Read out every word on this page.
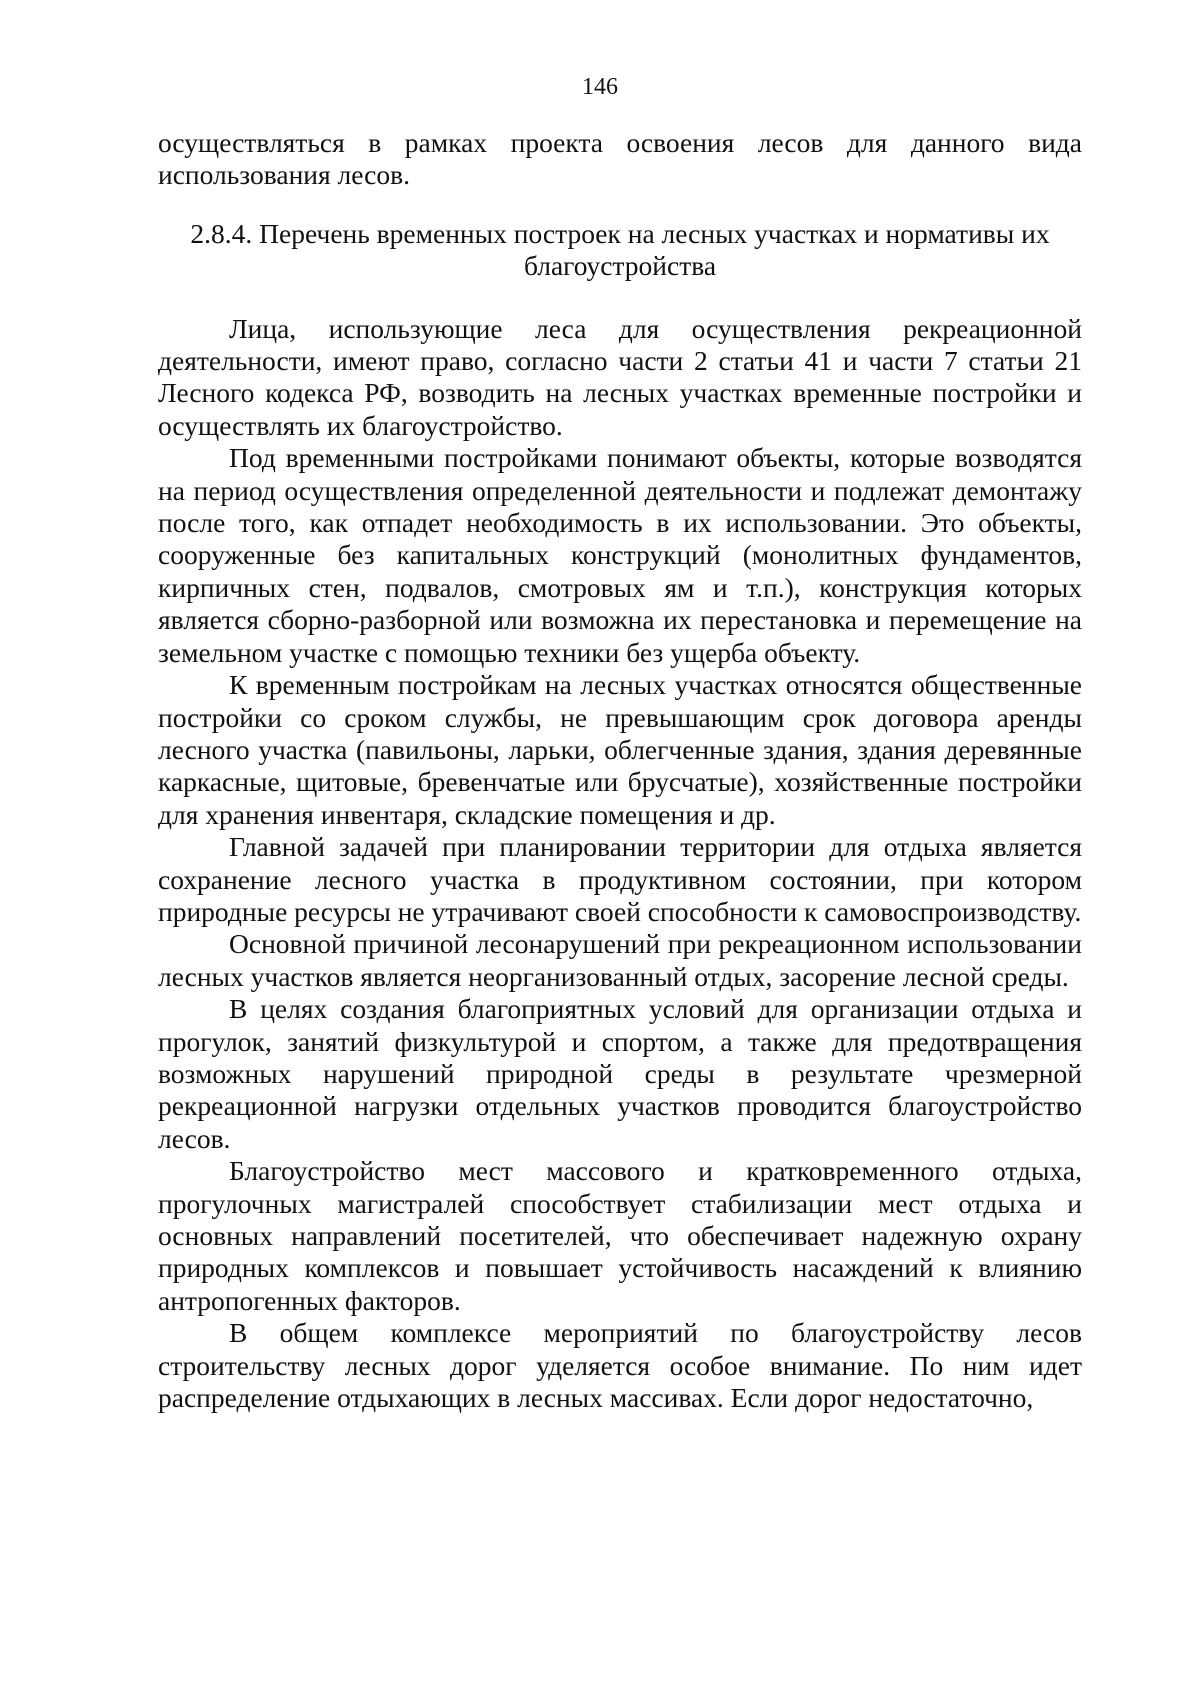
146

осуществляться в рамках проекта освоения лесов для данного вида использования лесов.

2.8.4. Перечень временных построек на лесных участках и нормативы их благоустройства

Лица, использующие леса для осуществления рекреационной деятельности, имеют право, согласно части 2 статьи 41 и части 7 статьи 21 Лесного кодекса РФ, возводить на лесных участках временные постройки и осуществлять их благоустройство.

Под временными постройками понимают объекты, которые возводятся на период осуществления определенной деятельности и подлежат демонтажу после того, как отпадет необходимость в их использовании. Это объекты, сооруженные без капитальных конструкций (монолитных фундаментов, кирпичных стен, подвалов, смотровых ям и т.п.), конструкция которых является сборно-разборной или возможна их перестановка и перемещение на земельном участке с помощью техники без ущерба объекту.

К временным постройкам на лесных участках относятся общественные постройки со сроком службы, не превышающим срок договора аренды лесного участка (павильоны, ларьки, облегченные здания, здания деревянные каркасные, щитовые, бревенчатые или брусчатые), хозяйственные постройки для хранения инвентаря, складские помещения и др.

Главной задачей при планировании территории для отдыха является сохранение лесного участка в продуктивном состоянии, при котором природные ресурсы не утрачивают своей способности к самовоспроизводству.

Основной причиной лесонарушений при рекреационном использовании лесных участков является неорганизованный отдых, засорение лесной среды.

В целях создания благоприятных условий для организации отдыха и прогулок, занятий физкультурой и спортом, а также для предотвращения возможных нарушений природной среды в результате чрезмерной рекреационной нагрузки отдельных участков проводится благоустройство лесов.

Благоустройство мест массового и кратковременного отдыха, прогулочных магистралей способствует стабилизации мест отдыха и основных направлений посетителей, что обеспечивает надежную охрану природных комплексов и повышает устойчивость насаждений к влиянию антропогенных факторов.

В общем комплексе мероприятий по благоустройству лесов строительству лесных дорог уделяется особое внимание. По ним идет распределение отдыхающих в лесных массивах. Если дорог недостаточно,
